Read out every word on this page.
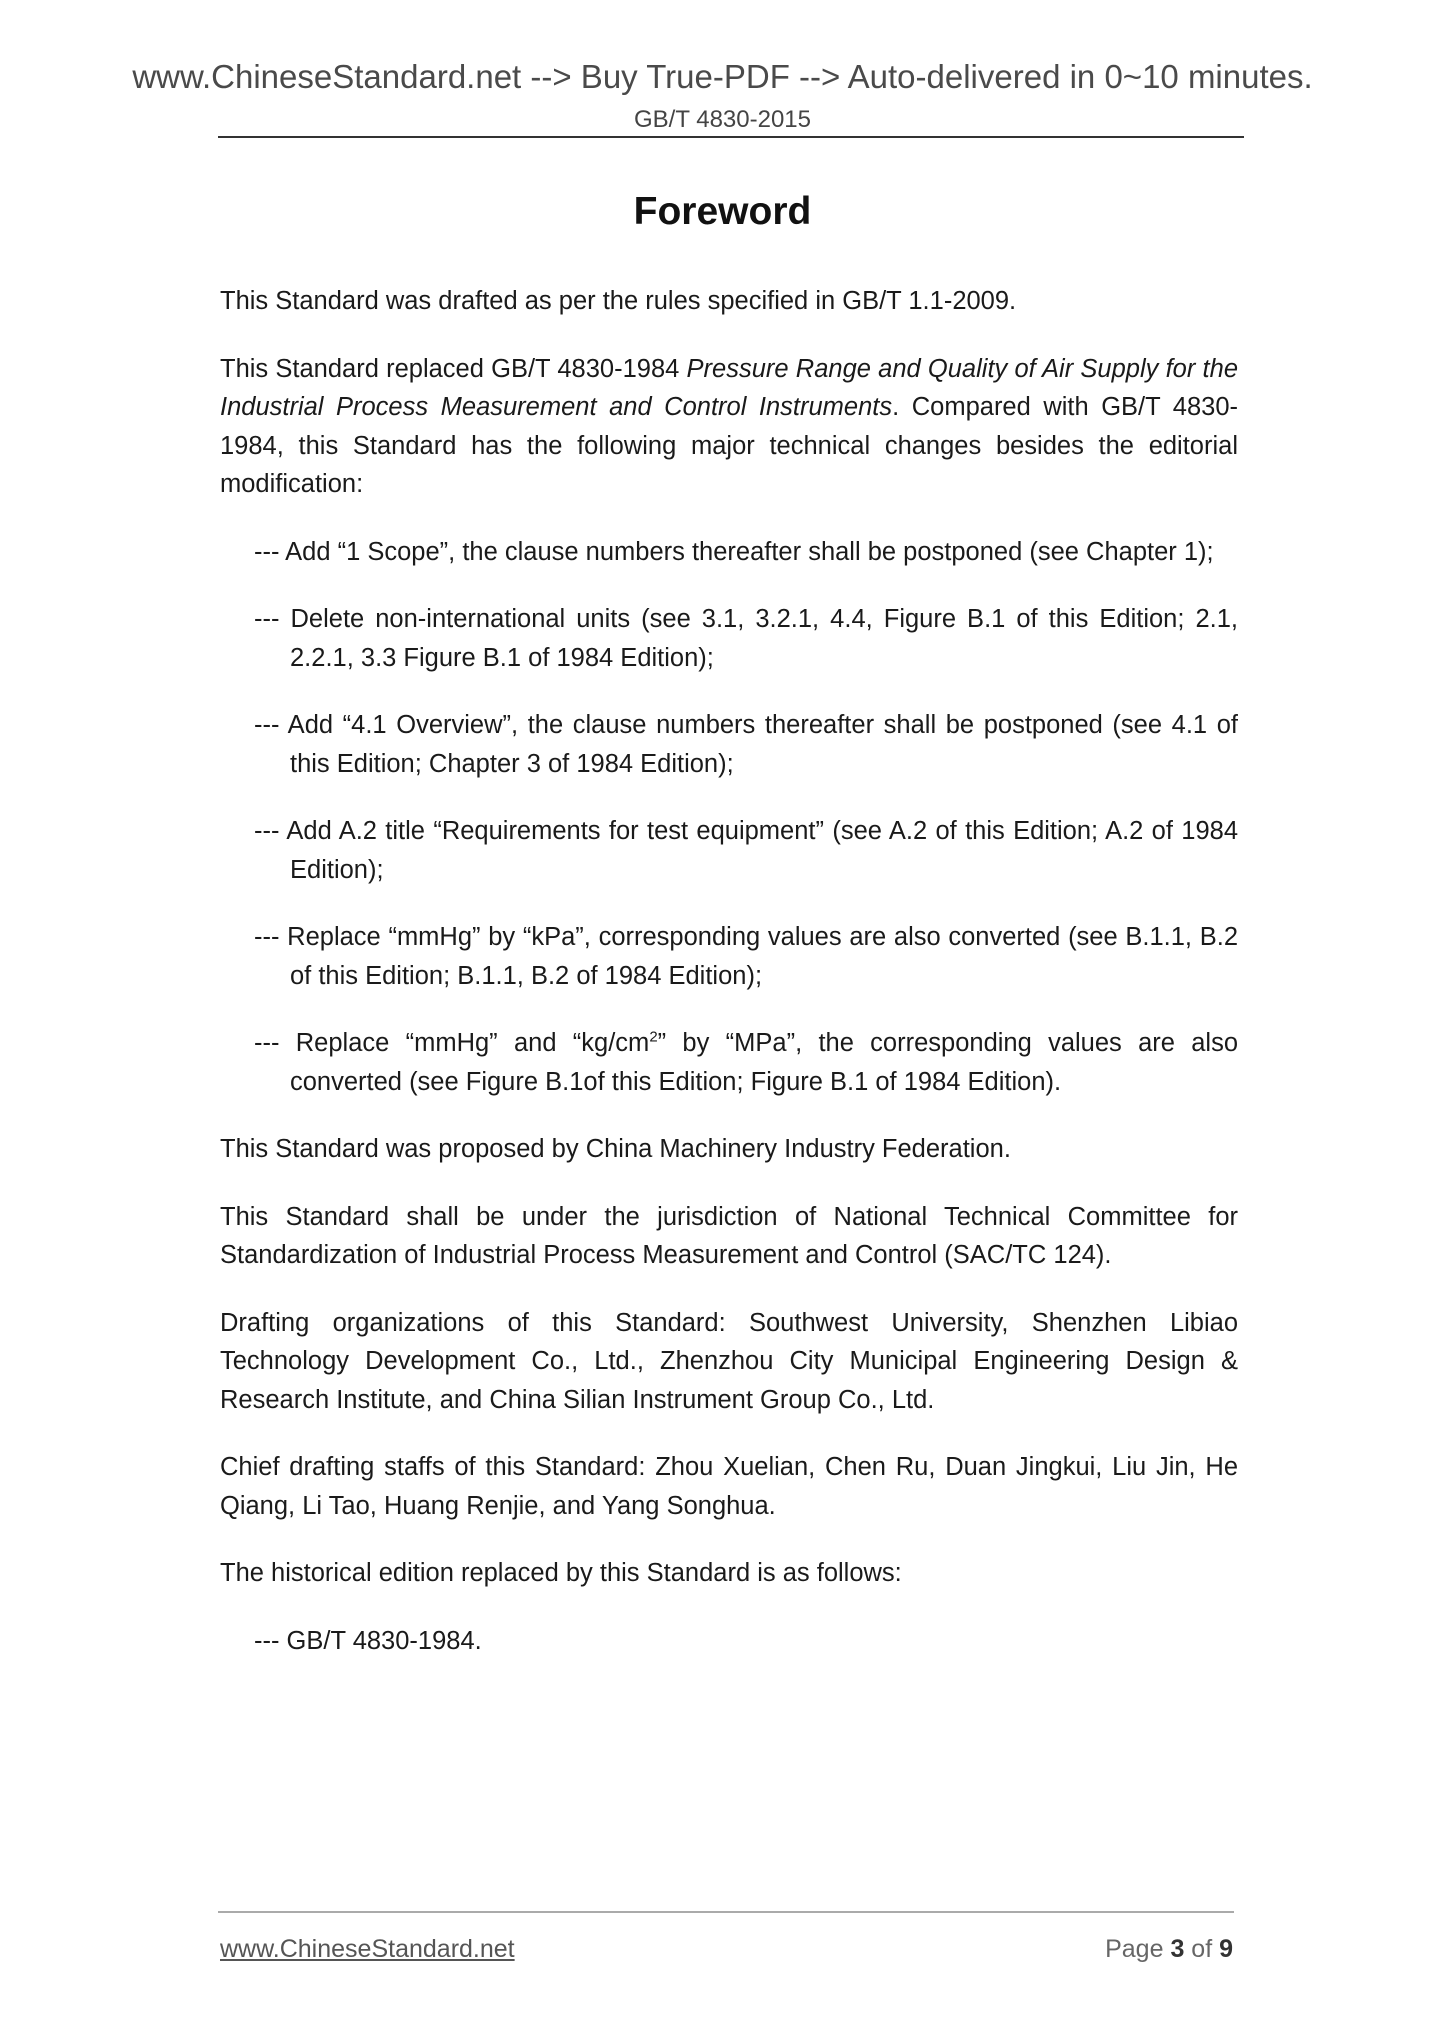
www.ChineseStandard.net --> Buy True-PDF --> Auto-delivered in 0~10 minutes.
GB/T 4830-2015
Foreword

This Standard was drafted as per the rules specified in GB/T 1.1-2009.

This Standard replaced GB/T 4830-1984 Pressure Range and Quality of Air Supply for the Industrial Process Measurement and Control Instruments. Compared with GB/T 4830-1984, this Standard has the following major technical changes besides the editorial modification:

--- Add “1 Scope”, the clause numbers thereafter shall be postponed (see Chapter 1);
--- Delete non-international units (see 3.1, 3.2.1, 4.4, Figure B.1 of this Edition; 2.1, 2.2.1, 3.3 Figure B.1 of 1984 Edition);
--- Add “4.1 Overview”, the clause numbers thereafter shall be postponed (see 4.1 of this Edition; Chapter 3 of 1984 Edition);
--- Add A.2 title “Requirements for test equipment” (see A.2 of this Edition; A.2 of 1984 Edition);
--- Replace “mmHg” by “kPa”, corresponding values are also converted (see B.1.1, B.2 of this Edition; B.1.1, B.2 of 1984 Edition);
--- Replace “mmHg” and “$kg/cm^2$” by “MPa”, the corresponding values are also converted (see Figure B.1of this Edition; Figure B.1 of 1984 Edition).

This Standard was proposed by China Machinery Industry Federation.

This Standard shall be under the jurisdiction of National Technical Committee for Standardization of Industrial Process Measurement and Control (SAC/TC 124).

Drafting organizations of this Standard: Southwest University, Shenzhen Libiao Technology Development Co., Ltd., Zhenzhou City Municipal Engineering Design & Research Institute, and China Silian Instrument Group Co., Ltd.

Chief drafting staffs of this Standard: Zhou Xuelian, Chen Ru, Duan Jingkui, Liu Jin, He Qiang, Li Tao, Huang Renjie, and Yang Songhua.

The historical edition replaced by this Standard is as follows:

--- GB/T 4830-1984.
www.ChineseStandard.net	Page 3 of 9
